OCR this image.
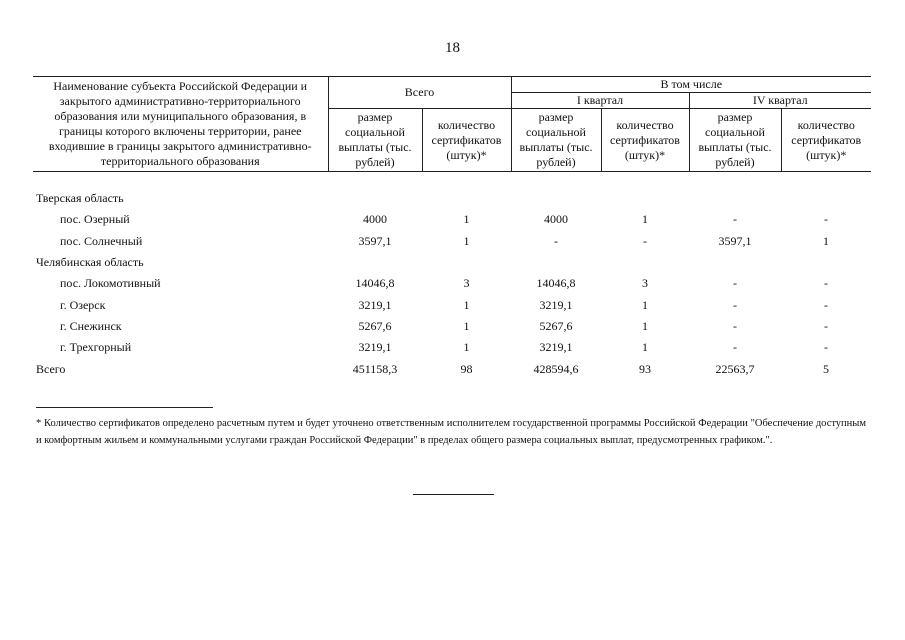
18
Наименование субъекта Российской Федерации и закрытого административно-территориального образования или муниципального образования, в границы которого включены территории, ранее входившие в границы закрытого административно-территориального образования	Всего		В том числе			
			I квартал		IV квартал	
	размер социальной выплаты (тыс. рублей)	количество сертификатов (штук)*	размер социальной выплаты (тыс. рублей)	количество сертификатов (штук)*	размер социальной выплаты (тыс. рублей)	количество сертификатов (штук)*

Тверская область						
пос. Озерный	4000	1	4000	1	-	-
пос. Солнечный	3597,1	1	-	-	3597,1	1
Челябинская область						
пос. Локомотивный	14046,8	3	14046,8	3	-	-
г. Озерск	3219,1	1	3219,1	1	-	-
г. Снежинск	5267,6	1	5267,6	1	-	-
г. Трехгорный	3219,1	1	3219,1	1	-	-
Всего	451158,3	98	428594,6	93	22563,7	5
* Количество сертификатов определено расчетным путем и будет уточнено ответственным исполнителем государственной программы Российской Федерации "Обеспечение доступным и комфортным жильем и коммунальными услугами граждан Российской Федерации" в пределах общего размера социальных выплат, предусмотренных графиком.".
